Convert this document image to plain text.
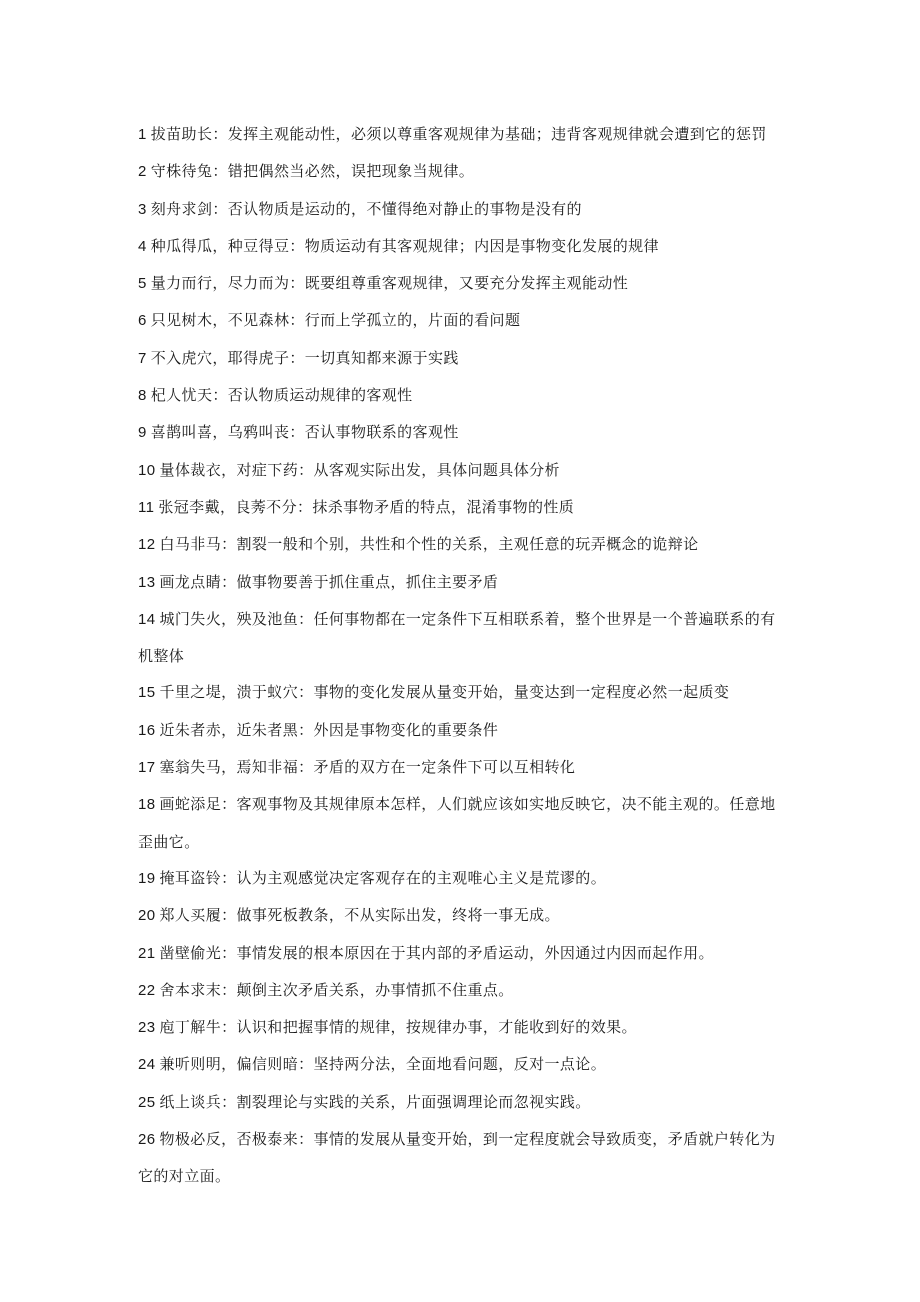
1 拔苗助长：发挥主观能动性，必须以尊重客观规律为基础；违背客观规律就会遭到它的惩罚

2 守株待兔：错把偶然当必然，误把现象当规律。

3 刻舟求剑：否认物质是运动的，不懂得绝对静止的事物是没有的

4 种瓜得瓜，种豆得豆：物质运动有其客观规律；内因是事物变化发展的规律

5 量力而行，尽力而为：既要组尊重客观规律，又要充分发挥主观能动性

6 只见树木，不见森林：行而上学孤立的，片面的看问题

7 不入虎穴，耶得虎子：一切真知都来源于实践

8 杞人忧天：否认物质运动规律的客观性

9 喜鹊叫喜，乌鸦叫丧：否认事物联系的客观性

10 量体裁衣，对症下药：从客观实际出发，具体问题具体分析

11 张冠李戴，良莠不分：抹杀事物矛盾的特点，混淆事物的性质

12 白马非马：割裂一般和个别，共性和个性的关系，主观任意的玩弄概念的诡辩论

13 画龙点睛：做事物要善于抓住重点，抓住主要矛盾

14 城门失火，殃及池鱼：任何事物都在一定条件下互相联系着，整个世界是一个普遍联系的有机整体

15 千里之堤，溃于蚁穴：事物的变化发展从量变开始，量变达到一定程度必然一起质变

16 近朱者赤，近朱者黑：外因是事物变化的重要条件

17 塞翁失马，焉知非福：矛盾的双方在一定条件下可以互相转化

18 画蛇添足：客观事物及其规律原本怎样，人们就应该如实地反映它，决不能主观的。任意地歪曲它。

19 掩耳盗铃：认为主观感觉决定客观存在的主观唯心主义是荒谬的。

20 郑人买履：做事死板教条，不从实际出发，终将一事无成。

21 凿壁偷光：事情发展的根本原因在于其内部的矛盾运动，外因通过内因而起作用。

22 舍本求末：颠倒主次矛盾关系，办事情抓不住重点。

23 庖丁解牛：认识和把握事情的规律，按规律办事，才能收到好的效果。

24 兼听则明，偏信则暗：坚持两分法，全面地看问题，反对一点论。

25 纸上谈兵：割裂理论与实践的关系，片面强调理论而忽视实践。

26 物极必反，否极泰来：事情的发展从量变开始，到一定程度就会导致质变，矛盾就户转化为它的对立面。
